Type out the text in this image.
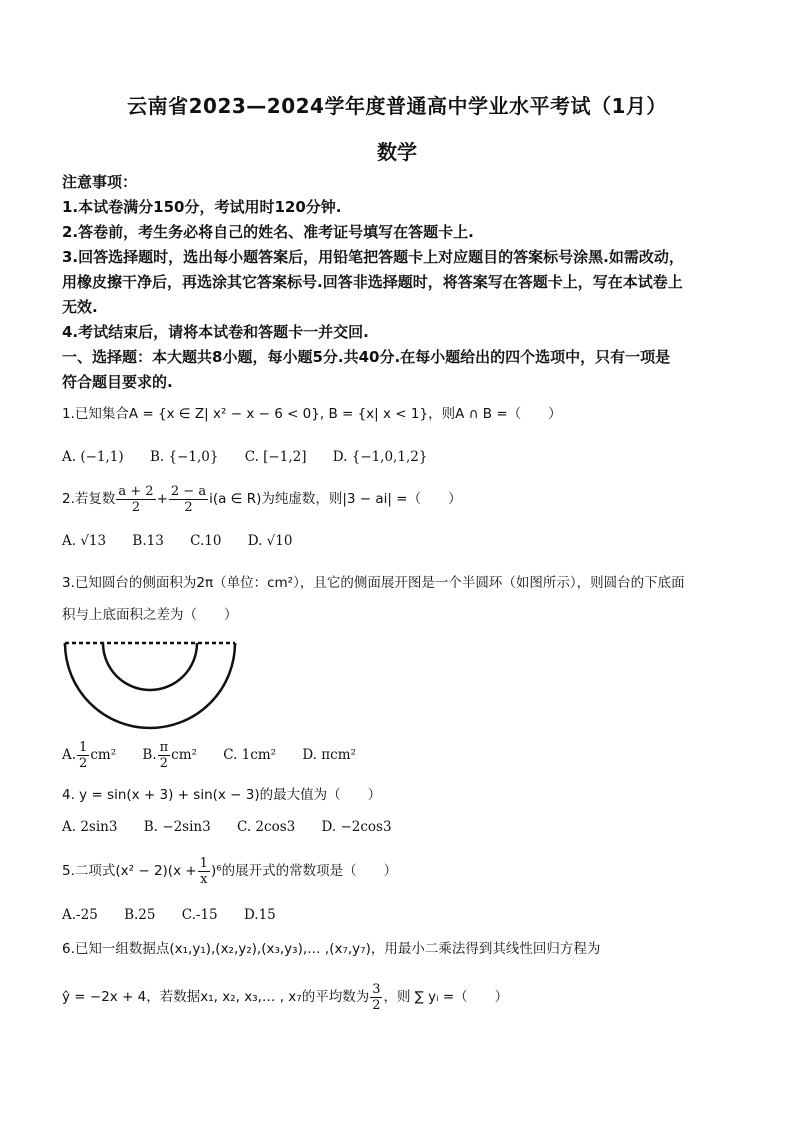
云南省2023—2024学年度普通高中学业水平考试（1月）
数学
注意事项：
1.本试卷满分150分，考试用时120分钟.
2.答卷前，考生务必将自己的姓名、准考证号填写在答题卡上.
3.回答选择题时，选出每小题答案后，用铅笔把答题卡上对应题目的答案标号涂黑.如需改动，
用橡皮擦干净后，再选涂其它答案标号.回答非选择题时，将答案写在答题卡上，写在本试卷上
无效.
4.考试结束后，请将本试卷和答题卡一并交回.
一、选择题：本大题共8小题，每小题5分.共40分.在每小题给出的四个选项中，只有一项是
符合题目要求的.
1.已知集合A = {x ∈ Z| x² − x − 6 < 0}, B = {x| x < 1}，则A ∩ B =（　　）
A. (−1,1) B. {−1,0} C. [−1,2] D. {−1,0,1,2}
2.若复数 $\frac{a + 2}{2} + \frac{2 - a}{2} i(a$ ∈ R)为纯虚数，则|3 − ai| =（　　）
A. √13 B.13 C.10 D. √10
3.已知圆台的侧面积为2π（单位：cm²），且它的侧面展开图是一个半圆环（如图所示），则圆台的下底面
积与上底面积之差为（　　）
A. $\frac{1}{2} cm^2$ B. $\frac{\pi}{2} cm^2$ C. 1cm² D. πcm²
4. y = sin(x + 3) + sin(x − 3)的最大值为（　　）
A. 2sin3 B. −2sin3 C. 2cos3 D. −2cos3
5.二项式$(x^2 - 2)(x + \frac{1}{x} )^6$的展开式的常数项是（　　）
A.-25 B.25 C.-15 D.15
6.已知一组数据点(x₁,y₁),(x₂,y₂),(x₃,y₃),… ,(x₇,y₇)，用最小二乘法得到其线性回归方程为
ŷ = −2x + 4，若数据x₁, x₂, x₃,… , x₇的平均数为 $\frac{3}{2}$ ，则 ∑ yᵢ =（　　）
